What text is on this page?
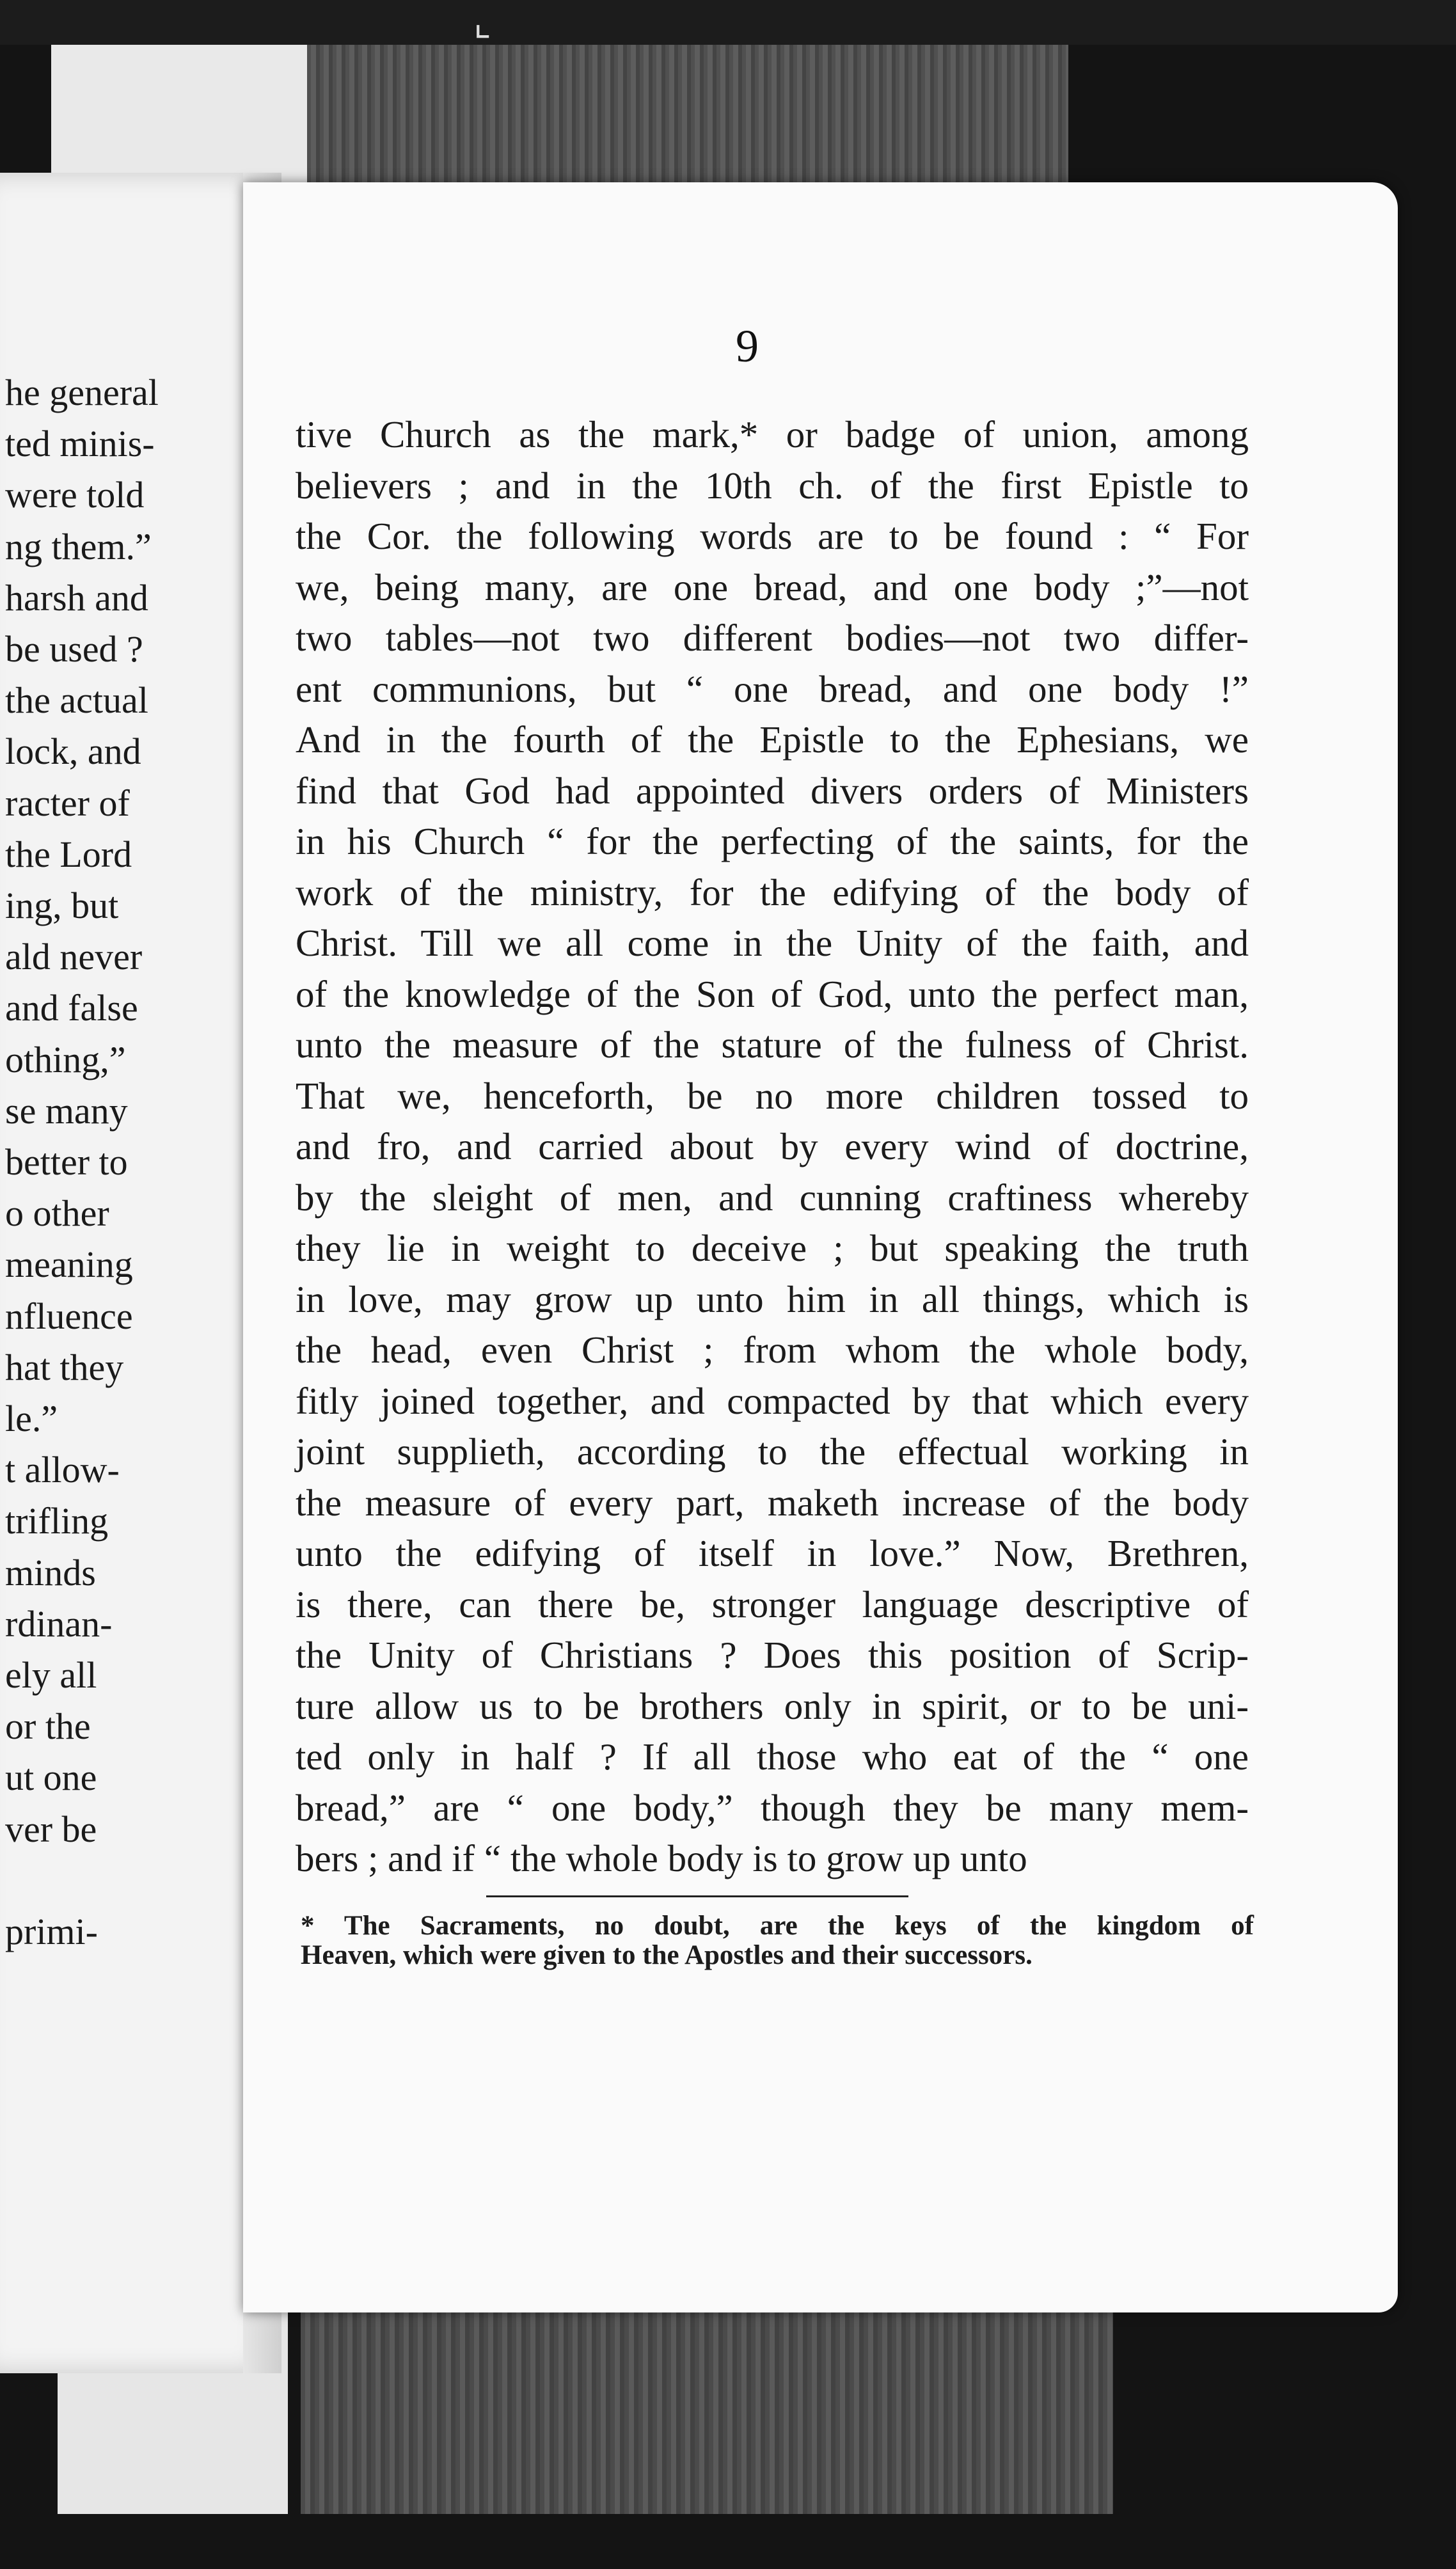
⌞
he general
ted minis-
were told
ng them.”
harsh and
be used ?
the actual
lock, and
racter of
the Lord
ing, but
ald never
and false
othing,”
se many
better to
o other
meaning
nfluence
hat they
le.”
t allow-
trifling
minds
rdinan-
ely all
or the
ut one
ver be
primi-
9
tive Church as the mark,* or badge of union, among
believers ; and in the 10th ch. of the first Epistle to
the Cor. the following words are to be found : “ For
we, being many, are one bread, and one body ;”—not
two tables—not two different bodies—not two differ-
ent communions, but “ one bread, and one body !”
And in the fourth of the Epistle to the Ephesians, we
find that God had appointed divers orders of Ministers
in his Church “ for the perfecting of the saints, for the
work of the ministry, for the edifying of the body of
Christ. Till we all come in the Unity of the faith, and
of the knowledge of the Son of God, unto the perfect man,
unto the measure of the stature of the fulness of Christ.
That we, henceforth, be no more children tossed to
and fro, and carried about by every wind of doctrine,
by the sleight of men, and cunning craftiness whereby
they lie in weight to deceive ; but speaking the truth
in love, may grow up unto him in all things, which is
the head, even Christ ; from whom the whole body,
fitly joined together, and compacted by that which every
joint supplieth, according to the effectual working in
the measure of every part, maketh increase of the body
unto the edifying of itself in love.” Now, Brethren,
is there, can there be, stronger language descriptive of
the Unity of Christians ? Does this position of Scrip-
ture allow us to be brothers only in spirit, or to be uni-
ted only in half ? If all those who eat of the “ one
bread,” are “ one body,” though they be many mem-
bers ; and if “ the whole body is to grow up unto
* The Sacraments, no doubt, are the keys of the kingdom of
Heaven, which were given to the Apostles and their successors.
